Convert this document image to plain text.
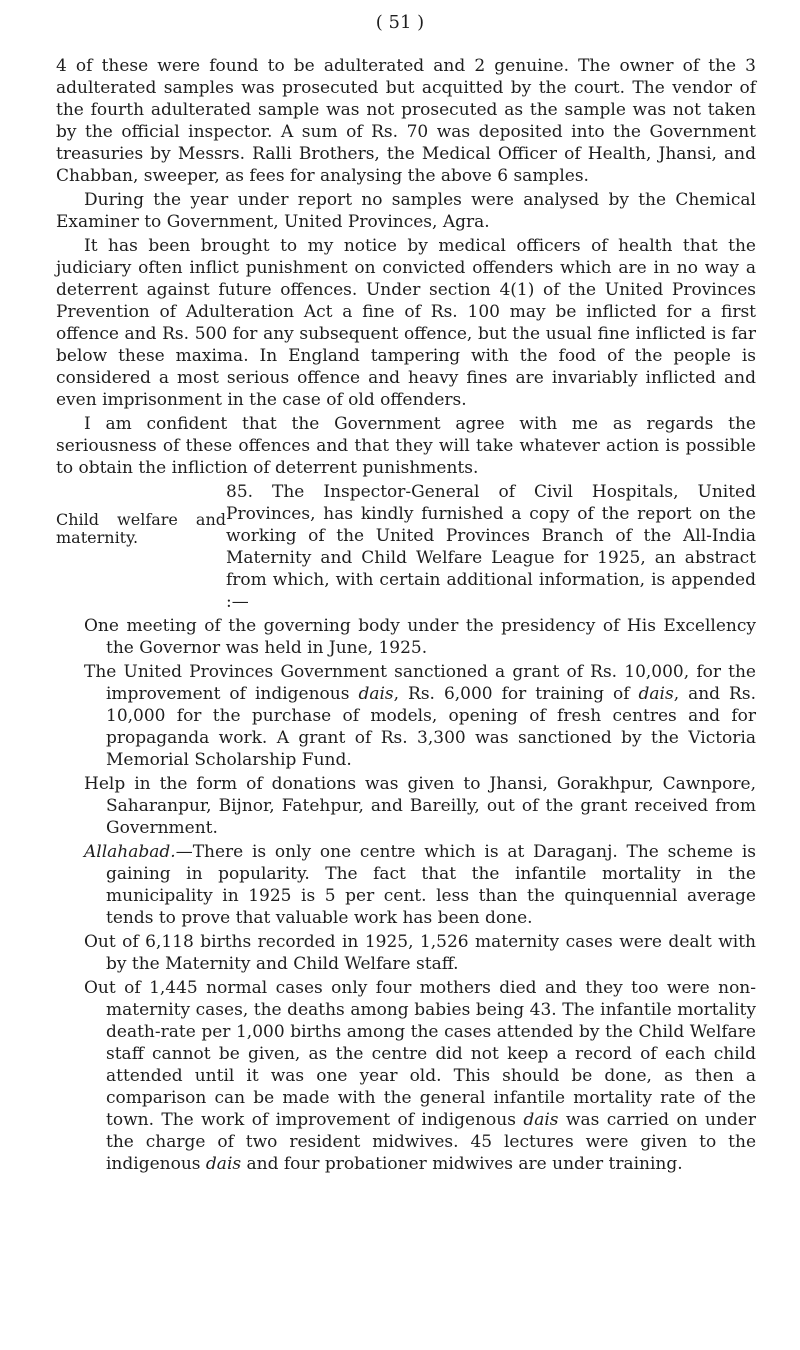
( 51 )

4 of these were found to be adulterated and 2 genuine. The owner of the 3 adulterated samples was prosecuted but acquitted by the court. The vendor of the fourth adulterated sample was not prosecuted as the sample was not taken by the official inspector. A sum of Rs. 70 was deposited into the Government treasuries by Messrs. Ralli Brothers, the Medical Officer of Health, Jhansi, and Chabban, sweeper, as fees for analysing the above 6 samples.

During the year under report no samples were analysed by the Chemical Examiner to Government, United Provinces, Agra.

It has been brought to my notice by medical officers of health that the judiciary often inflict punishment on convicted offenders which are in no way a deterrent against future offences. Under section 4(1) of the United Provinces Prevention of Adulteration Act a fine of Rs. 100 may be inflicted for a first offence and Rs. 500 for any subsequent offence, but the usual fine inflicted is far below these maxima. In England tampering with the food of the people is considered a most serious offence and heavy fines are invariably inflicted and even imprisonment in the case of old offenders.

I am confident that the Government agree with me as regards the seriousness of these offences and that they will take whatever action is possible to obtain the infliction of deterrent punishments.

Child welfare and maternity.

85. The Inspector-General of Civil Hospitals, United Provinces, has kindly furnished a copy of the report on the working of the United Provinces Branch of the All-India Maternity and Child Welfare League for 1925, an abstract from which, with certain additional information, is appended :—

One meeting of the governing body under the presidency of His Excellency the Governor was held in June, 1925.

The United Provinces Government sanctioned a grant of Rs. 10,000, for the improvement of indigenous dais, Rs. 6,000 for training of dais, and Rs. 10,000 for the purchase of models, opening of fresh centres and for propaganda work. A grant of Rs. 3,300 was sanctioned by the Victoria Memorial Scholarship Fund.

Help in the form of donations was given to Jhansi, Gorakhpur, Cawnpore, Saharanpur, Bijnor, Fatehpur, and Bareilly, out of the grant received from Government.

Allahabad.—There is only one centre which is at Daraganj. The scheme is gaining in popularity. The fact that the infantile mortality in the municipality in 1925 is 5 per cent. less than the quinquennial average tends to prove that valuable work has been done.

Out of 6,118 births recorded in 1925, 1,526 maternity cases were dealt with by the Maternity and Child Welfare staff.

Out of 1,445 normal cases only four mothers died and they too were non-maternity cases, the deaths among babies being 43. The infantile mortality death-rate per 1,000 births among the cases attended by the Child Welfare staff cannot be given, as the centre did not keep a record of each child attended until it was one year old. This should be done, as then a comparison can be made with the general infantile mortality rate of the town. The work of improvement of indigenous dais was carried on under the charge of two resident midwives. 45 lectures were given to the indigenous dais and four probationer midwives are under training.
